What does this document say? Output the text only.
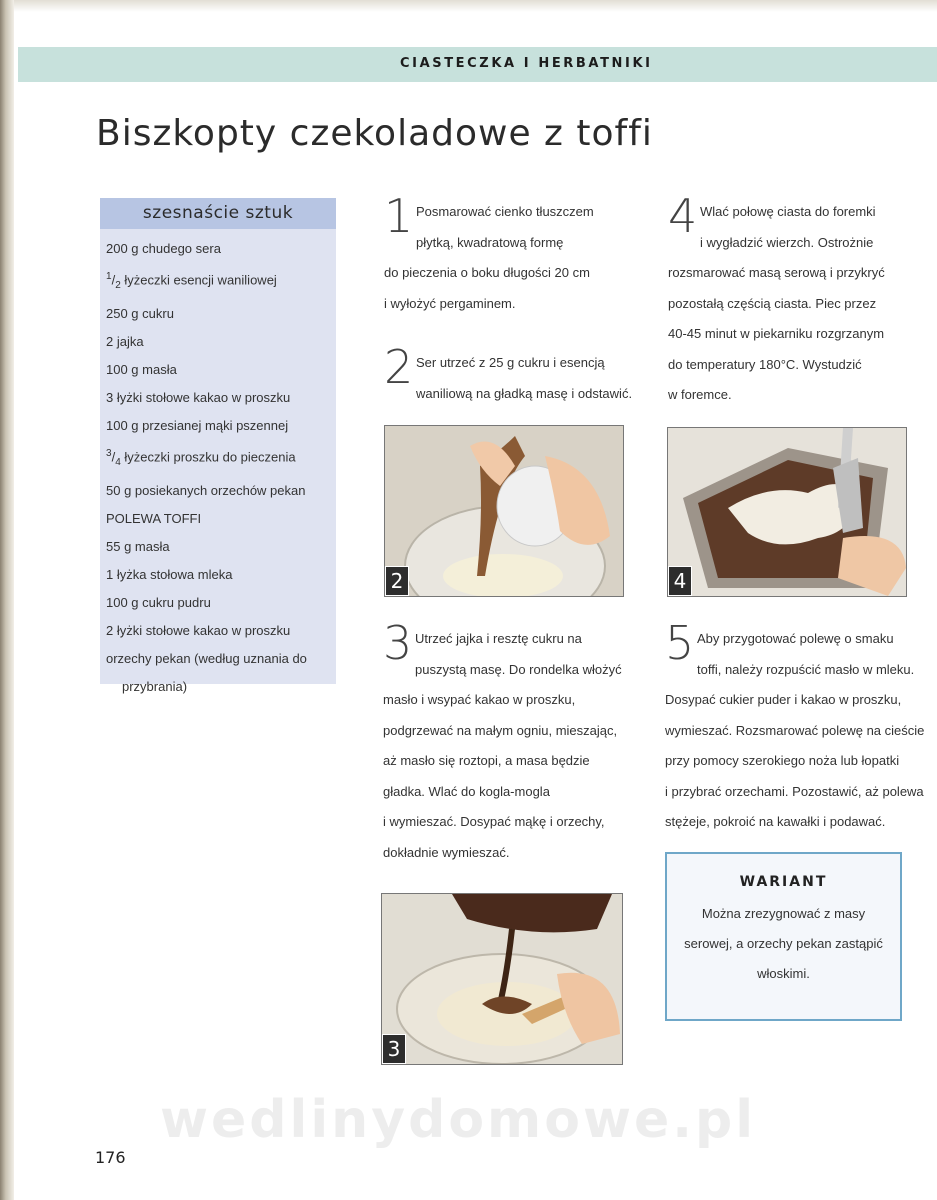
CIASTECZKA I HERBATNIKI
Biszkopty czekoladowe z toffi
szesnaście sztuk
200 g chudego sera
$^1/_2$ łyżeczki esencji waniliowej
250 g cukru
2 jajka
100 g masła
3 łyżki stołowe kakao w proszku
100 g przesianej mąki pszennej
$^3/_4$ łyżeczki proszku do pieczenia
50 g posiekanych orzechów pekan
POLEWA TOFFI
55 g masła
1 łyżka stołowa mleka
100 g cukru pudru
2 łyżki stołowe kakao w proszku
orzechy pekan (według uznania do
przybrania)
1 Posmarować cienko tłuszczem
płytką, kwadratową formę
do pieczenia o boku długości 20 cm
i wyłożyć pergaminem.
2 Ser utrzeć z 25 g cukru i esencją
waniliową na gładką masę i odstawić.
2
3 Utrzeć jajka i resztę cukru na
puszystą masę. Do rondelka włożyć
masło i wsypać kakao w proszku,
podgrzewać na małym ogniu, mieszając,
aż masło się roztopi, a masa będzie
gładka. Wlać do kogla-mogla
i wymieszać. Dosypać mąkę i orzechy,
dokładnie wymieszać.
3
4 Wlać połowę ciasta do foremki
i wygładzić wierzch. Ostrożnie
rozsmarować masą serową i przykryć
pozostałą częścią ciasta. Piec przez
40-45 minut w piekarniku rozgrzanym
do temperatury 180°C. Wystudzić
w foremce.
4
5 Aby przygotować polewę o smaku
toffi, należy rozpuścić masło w mleku.
Dosypać cukier puder i kakao w proszku,
wymieszać. Rozsmarować polewę na cieście
przy pomocy szerokiego noża lub łopatki
i przybrać orzechami. Pozostawić, aż polewa
stężeje, pokroić na kawałki i podawać.
WARIANT
Można zrezygnować z masy
serowej, a orzechy pekan zastąpić
włoskimi.
wedlinydomowe.pl
176
